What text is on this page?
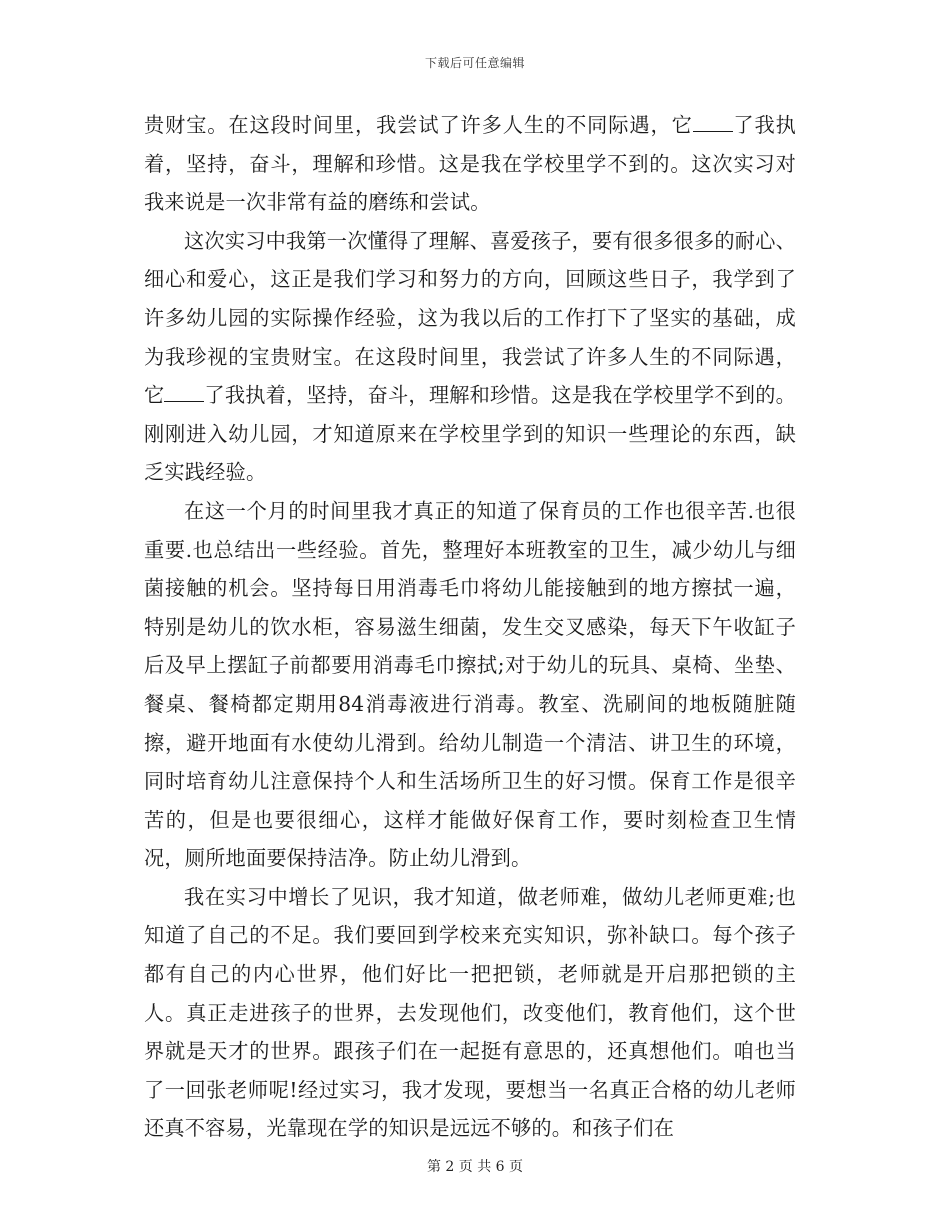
下载后可任意编辑

贵财宝。在这段时间里，我尝试了许多人生的不同际遇，它 了我执着，坚持，奋斗，理解和珍惜。这是我在学校里学不到的。这次实习对我来说是一次非常有益的磨练和尝试。

这次实习中我第一次懂得了理解、喜爱孩子，要有很多很多的耐心、细心和爱心，这正是我们学习和努力的方向，回顾这些日子，我学到了许多幼儿园的实际操作经验，这为我以后的工作打下了坚实的基础，成为我珍视的宝贵财宝。在这段时间里，我尝试了许多人生的不同际遇，它 了我执着，坚持，奋斗，理解和珍惜。这是我在学校里学不到的。刚刚进入幼儿园，才知道原来在学校里学到的知识一些理论的东西，缺乏实践经验。

在这一个月的时间里我才真正的知道了保育员的工作也很辛苦.也很重要.也总结出一些经验。首先，整理好本班教室的卫生，减少幼儿与细菌接触的机会。坚持每日用消毒毛巾将幼儿能接触到的地方擦拭一遍，特别是幼儿的饮水柜，容易滋生细菌，发生交叉感染，每天下午收缸子后及早上摆缸子前都要用消毒毛巾擦拭;对于幼儿的玩具、桌椅、坐垫、餐桌、餐椅都定期用84消毒液进行消毒。教室、洗刷间的地板随脏随擦，避开地面有水使幼儿滑到。给幼儿制造一个清洁、讲卫生的环境，同时培育幼儿注意保持个人和生活场所卫生的好习惯。保育工作是很辛苦的，但是也要很细心，这样才能做好保育工作，要时刻检查卫生情况，厕所地面要保持洁净。防止幼儿滑到。

我在实习中增长了见识，我才知道，做老师难，做幼儿老师更难;也知道了自己的不足。我们要回到学校来充实知识，弥补缺口。每个孩子都有自己的内心世界，他们好比一把把锁，老师就是开启那把锁的主人。真正走进孩子的世界，去发现他们，改变他们，教育他们，这个世界就是天才的世界。跟孩子们在一起挺有意思的，还真想他们。咱也当了一回张老师呢!经过实习，我才发现，要想当一名真正合格的幼儿老师还真不容易，光靠现在学的知识是远远不够的。和孩子们在

第 2 页 共 6 页
